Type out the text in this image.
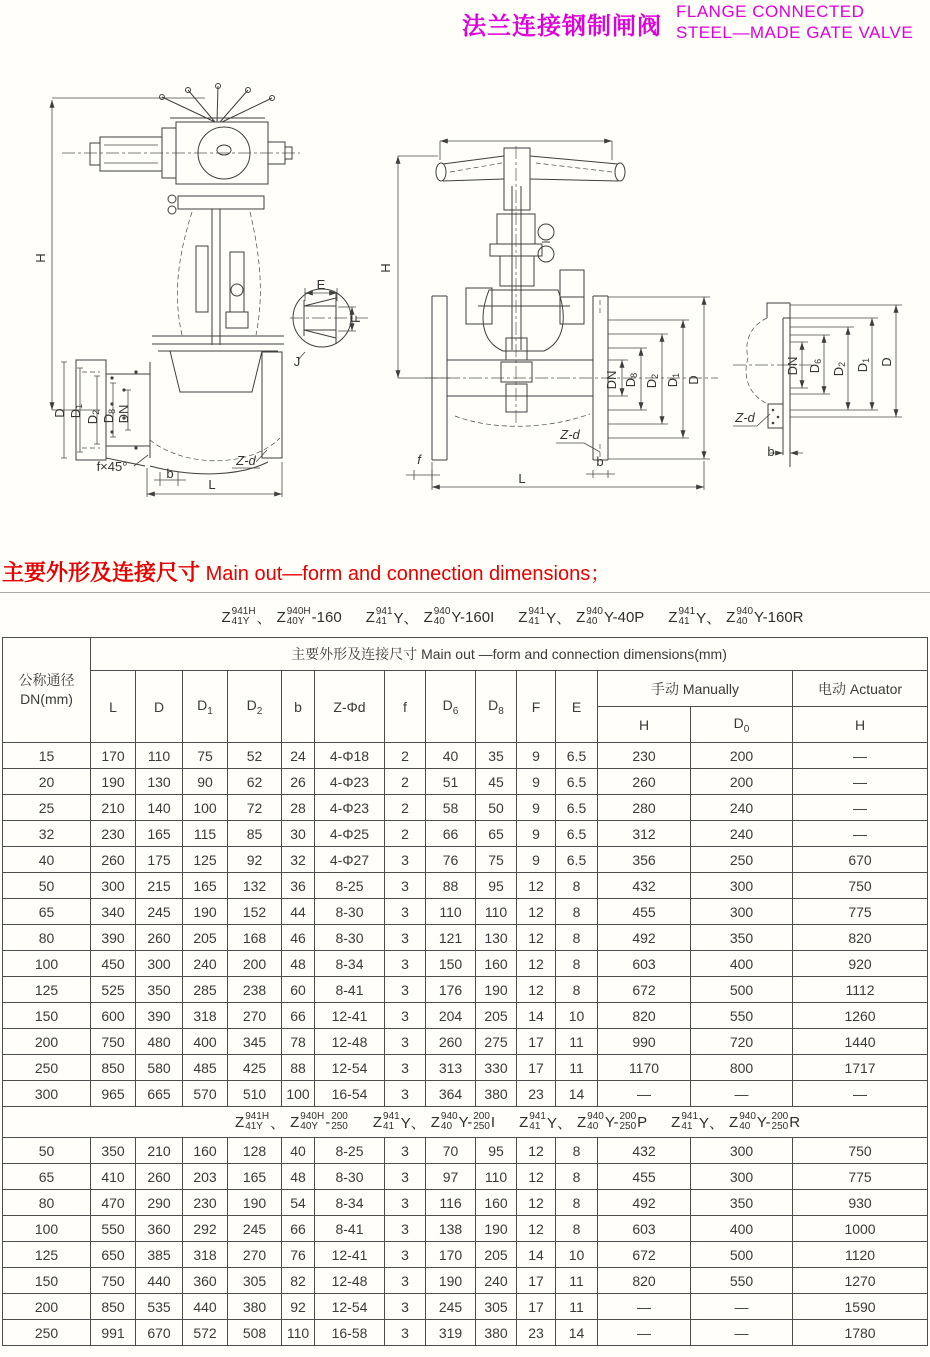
法兰连接钢制闸阀
FLANGE CONNECTED
STEEL—MADE GATE VALVE
H
D D1
D2
D8 DN
f×45°	b
L
Z-d
E
F
J
H
DN D8
D2
D1 D
Z-d
f	b
L
DN D6
D2 D1 D
Z-d
b
主要外形及连接尺寸 Main out—form and connection dimensions；
Z 941H
41Y 、 Z 940H
40Y -160 Z 941
41 Y、 Z 940
40 Y-160I Z 941
41 Y、 Z 940
40 Y-40P Z 941
41 Y、 Z 940
40 Y-160R
公称通径
DN(mm)	主要外形及连接尺寸 Main out —form and connection dimensions(mm)													
	L	D	$D_1$	$D_2$	b	Z-Φd	f	$D_6$	$D_8$	F	E	手动 Manually		电动 Actuator
												H	$D_0$	H
15	170	110	75	52	24	4-Φ18	2	40	35	9	6.5	230	200	—
20	190	130	90	62	26	4-Φ23	2	51	45	9	6.5	260	200	—
25	210	140	100	72	28	4-Φ23	2	58	50	9	6.5	280	240	—
32	230	165	115	85	30	4-Φ25	2	66	65	9	6.5	312	240	—
40	260	175	125	92	32	4-Φ27	3	76	75	9	6.5	356	250	670
50	300	215	165	132	36	8-25	3	88	95	12	8	432	300	750
65	340	245	190	152	44	8-30	3	110	110	12	8	455	300	775
80	390	260	205	168	46	8-30	3	121	130	12	8	492	350	820
100	450	300	240	200	48	8-34	3	150	160	12	8	603	400	920
125	525	350	285	238	60	8-41	3	176	190	12	8	672	500	1112
150	600	390	318	270	66	12-41	3	204	205	14	10	820	550	1260
200	750	480	400	345	78	12-48	3	260	275	17	11	990	720	1440
250	850	580	485	425	88	12-54	3	313	330	17	11	1170	800	1717
300	965	665	570	510	100	16-54	3	364	380	23	14	—	—	—

Z 941H
41Y 、 Z 940H
40Y - 200
250 Z 941
41 Y、 Z 940
40 Y- 200
250 I Z 941
41 Y、 Z 940
40 Y- 200
250 P Z 941
41 Y、 Z 940
40 Y- 200
250 R

50	350	210	160	128	40	8-25	3	70	95	12	8	432	300	750
65	410	260	203	165	48	8-30	3	97	110	12	8	455	300	775
80	470	290	230	190	54	8-34	3	116	160	12	8	492	350	930
100	550	360	292	245	66	8-41	3	138	190	12	8	603	400	1000
125	650	385	318	270	76	12-41	3	170	205	14	10	672	500	1120
150	750	440	360	305	82	12-48	3	190	240	17	11	820	550	1270
200	850	535	440	380	92	12-54	3	245	305	17	11	—	—	1590
250	991	670	572	508	110	16-58	3	319	380	23	14	—	—	1780
